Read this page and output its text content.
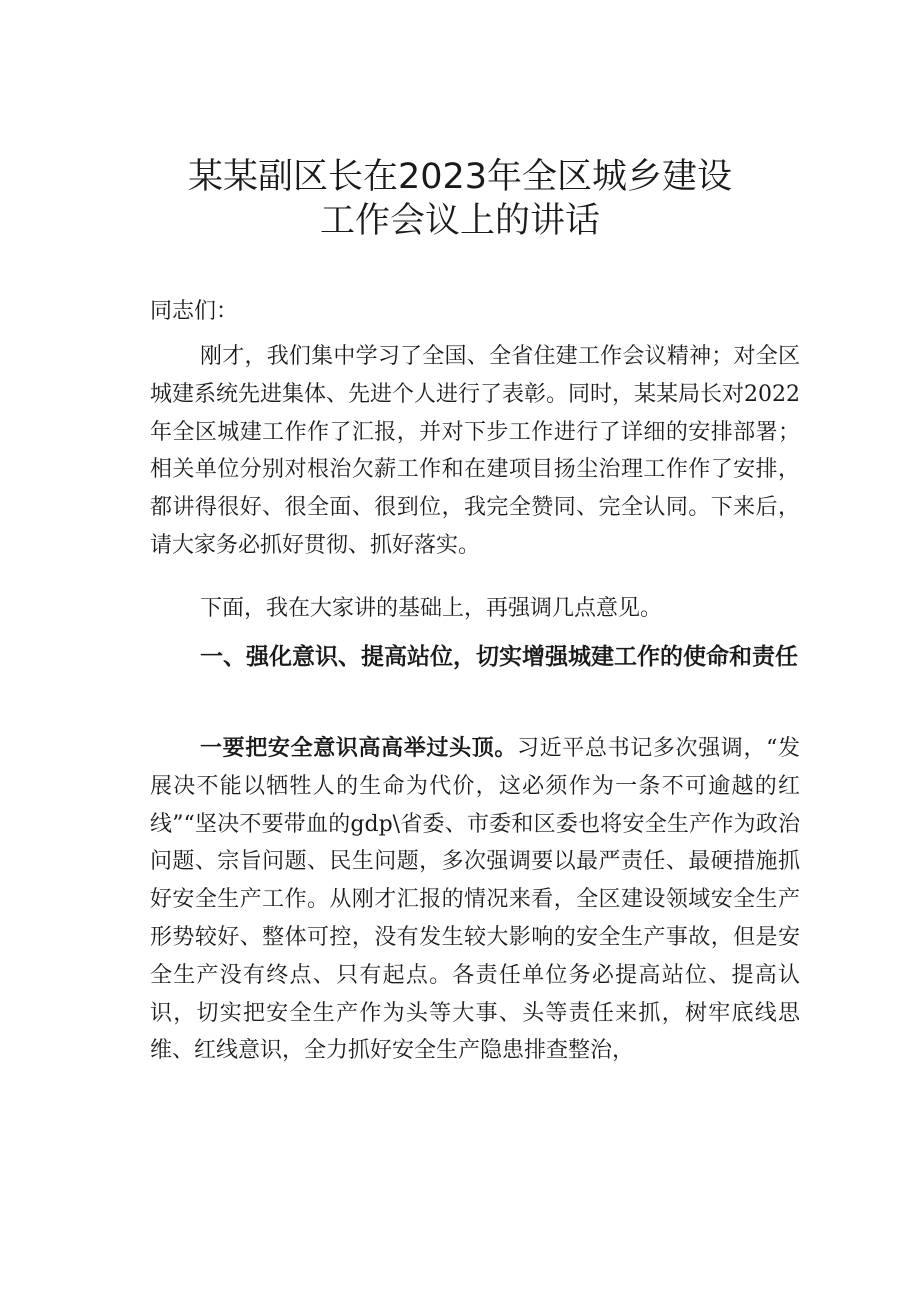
某某副区长在2023年全区城乡建设
工作会议上的讲话

同志们：

刚才，我们集中学习了全国、全省住建工作会议精神；对全区城建系统先进集体、先进个人进行了表彰。同时，某某局长对2022年全区城建工作作了汇报，并对下步工作进行了详细的安排部署；相关单位分别对根治欠薪工作和在建项目扬尘治理工作作了安排，都讲得很好、很全面、很到位，我完全赞同、完全认同。下来后，请大家务必抓好贯彻、抓好落实。

下面，我在大家讲的基础上，再强调几点意见。

一、强化意识、提高站位，切实增强城建工作的使命和责任

一要把安全意识高高举过头顶。习近平总书记多次强调，“发展决不能以牺牲人的生命为代价，这必须作为一条不可逾越的红线”“坚决不要带血的gdp\省委、市委和区委也将安全生产作为政治问题、宗旨问题、民生问题，多次强调要以最严责任、最硬措施抓好安全生产工作。从刚才汇报的情况来看，全区建设领域安全生产形势较好、整体可控，没有发生较大影响的安全生产事故，但是安全生产没有终点、只有起点。各责任单位务必提高站位、提高认识，切实把安全生产作为头等大事、头等责任来抓，树牢底线思维、红线意识，全力抓好安全生产隐患排查整治，
